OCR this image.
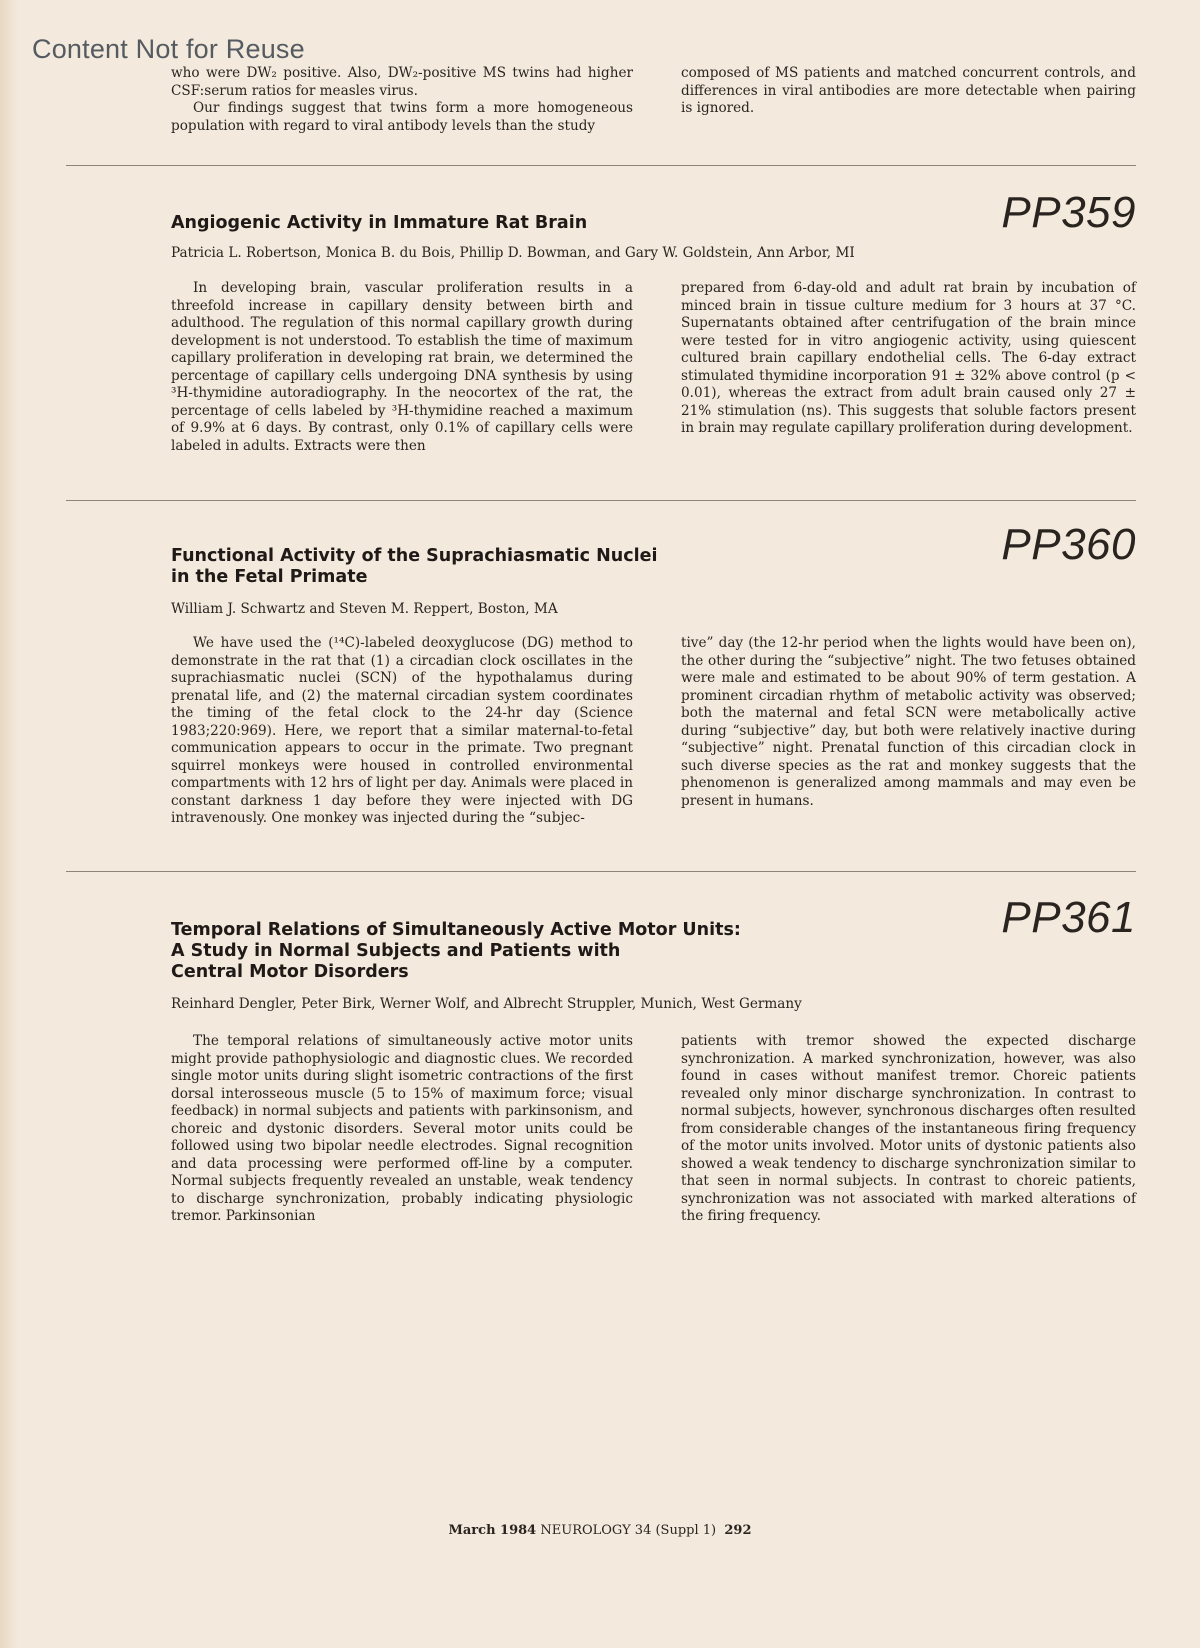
Content Not for Reuse

who were DW₂ positive. Also, DW₂-positive MS twins had higher CSF:serum ratios for measles virus.

Our findings suggest that twins form a more homogeneous population with regard to viral antibody levels than the study

composed of MS patients and matched concurrent controls, and differences in viral antibodies are more detectable when pairing is ignored.

Angiogenic Activity in Immature Rat Brain	PP359
Patricia L. Robertson, Monica B. du Bois, Phillip D. Bowman, and Gary W. Goldstein, Ann Arbor, MI

In developing brain, vascular proliferation results in a threefold increase in capillary density between birth and adulthood. The regulation of this normal capillary growth during development is not understood. To establish the time of maximum capillary proliferation in developing rat brain, we determined the percentage of capillary cells undergoing DNA synthesis by using ³H-thymidine autoradiography. In the neocortex of the rat, the percentage of cells labeled by ³H-thymidine reached a maximum of 9.9% at 6 days. By contrast, only 0.1% of capillary cells were labeled in adults. Extracts were then

prepared from 6-day-old and adult rat brain by incubation of minced brain in tissue culture medium for 3 hours at 37 °C. Supernatants obtained after centrifugation of the brain mince were tested for in vitro angiogenic activity, using quiescent cultured brain capillary endothelial cells. The 6-day extract stimulated thymidine incorporation 91 ± 32% above control (p < 0.01), whereas the extract from adult brain caused only 27 ± 21% stimulation (ns). This suggests that soluble factors present in brain may regulate capillary proliferation during development.

Functional Activity of the Suprachiasmatic Nuclei
in the Fetal Primate
PP360
William J. Schwartz and Steven M. Reppert, Boston, MA

We have used the (¹⁴C)-labeled deoxyglucose (DG) method to demonstrate in the rat that (1) a circadian clock oscillates in the suprachiasmatic nuclei (SCN) of the hypothalamus during prenatal life, and (2) the maternal circadian system coordinates the timing of the fetal clock to the 24-hr day (Science 1983;220:969). Here, we report that a similar maternal-to-fetal communication appears to occur in the primate. Two pregnant squirrel monkeys were housed in controlled environmental compartments with 12 hrs of light per day. Animals were placed in constant darkness 1 day before they were injected with DG intravenously. One monkey was injected during the “subjec-

tive” day (the 12-hr period when the lights would have been on), the other during the “subjective” night. The two fetuses obtained were male and estimated to be about 90% of term gestation. A prominent circadian rhythm of metabolic activity was observed; both the maternal and fetal SCN were metabolically active during “subjective” day, but both were relatively inactive during “subjective” night. Prenatal function of this circadian clock in such diverse species as the rat and monkey suggests that the phenomenon is generalized among mammals and may even be present in humans.

Temporal Relations of Simultaneously Active Motor Units:
A Study in Normal Subjects and Patients with
Central Motor Disorders
PP361
Reinhard Dengler, Peter Birk, Werner Wolf, and Albrecht Struppler, Munich, West Germany

The temporal relations of simultaneously active motor units might provide pathophysiologic and diagnostic clues. We recorded single motor units during slight isometric contractions of the first dorsal interosseous muscle (5 to 15% of maximum force; visual feedback) in normal subjects and patients with parkinsonism, and choreic and dystonic disorders. Several motor units could be followed using two bipolar needle electrodes. Signal recognition and data processing were performed off-line by a computer. Normal subjects frequently revealed an unstable, weak tendency to discharge synchronization, probably indicating physiologic tremor. Parkinsonian

patients with tremor showed the expected discharge synchronization. A marked synchronization, however, was also found in cases without manifest tremor. Choreic patients revealed only minor discharge synchronization. In contrast to normal subjects, however, synchronous discharges often resulted from considerable changes of the instantaneous firing frequency of the motor units involved. Motor units of dystonic patients also showed a weak tendency to discharge synchronization similar to that seen in normal subjects. In contrast to choreic patients, synchronization was not associated with marked alterations of the firing frequency.

March 1984 NEUROLOGY 34 (Suppl 1) 292
